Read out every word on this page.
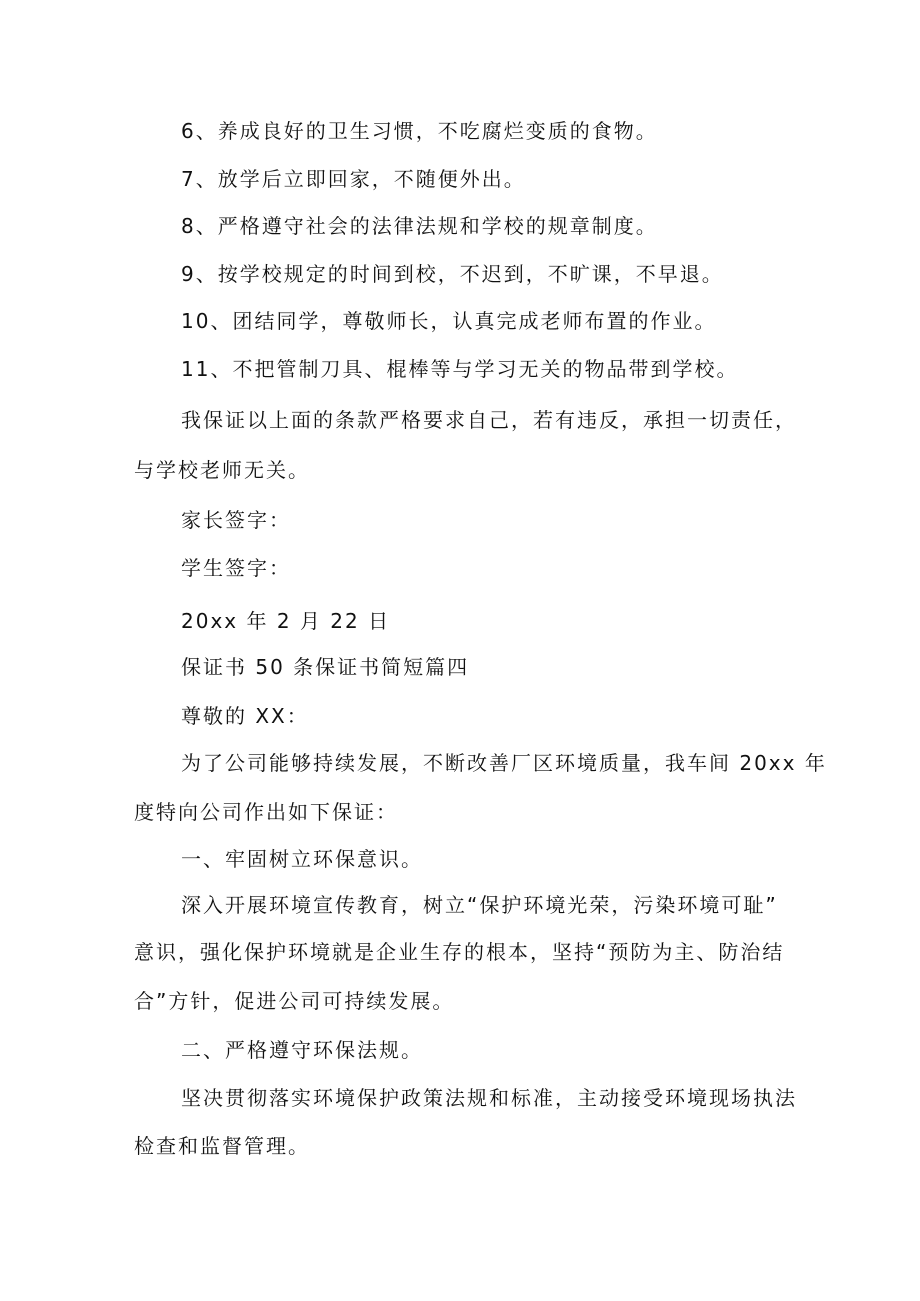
6、养成良好的卫生习惯，不吃腐烂变质的食物。
7、放学后立即回家，不随便外出。
8、严格遵守社会的法律法规和学校的规章制度。
9、按学校规定的时间到校，不迟到，不旷课，不早退。
10、团结同学，尊敬师长，认真完成老师布置的作业。
11、不把管制刀具、棍棒等与学习无关的物品带到学校。
我保证以上面的条款严格要求自己，若有违反，承担一切责任，
与学校老师无关。
家长签字：
学生签字：
20xx 年 2 月 22 日
保证书 50 条保证书简短篇四
尊敬的 XX：
为了公司能够持续发展，不断改善厂区环境质量，我车间 20xx 年
度特向公司作出如下保证：
一、牢固树立环保意识。
深入开展环境宣传教育，树立“保护环境光荣，污染环境可耻”
意识，强化保护环境就是企业生存的根本，坚持“预防为主、防治结
合”方针，促进公司可持续发展。
二、严格遵守环保法规。
坚决贯彻落实环境保护政策法规和标准，主动接受环境现场执法
检查和监督管理。
